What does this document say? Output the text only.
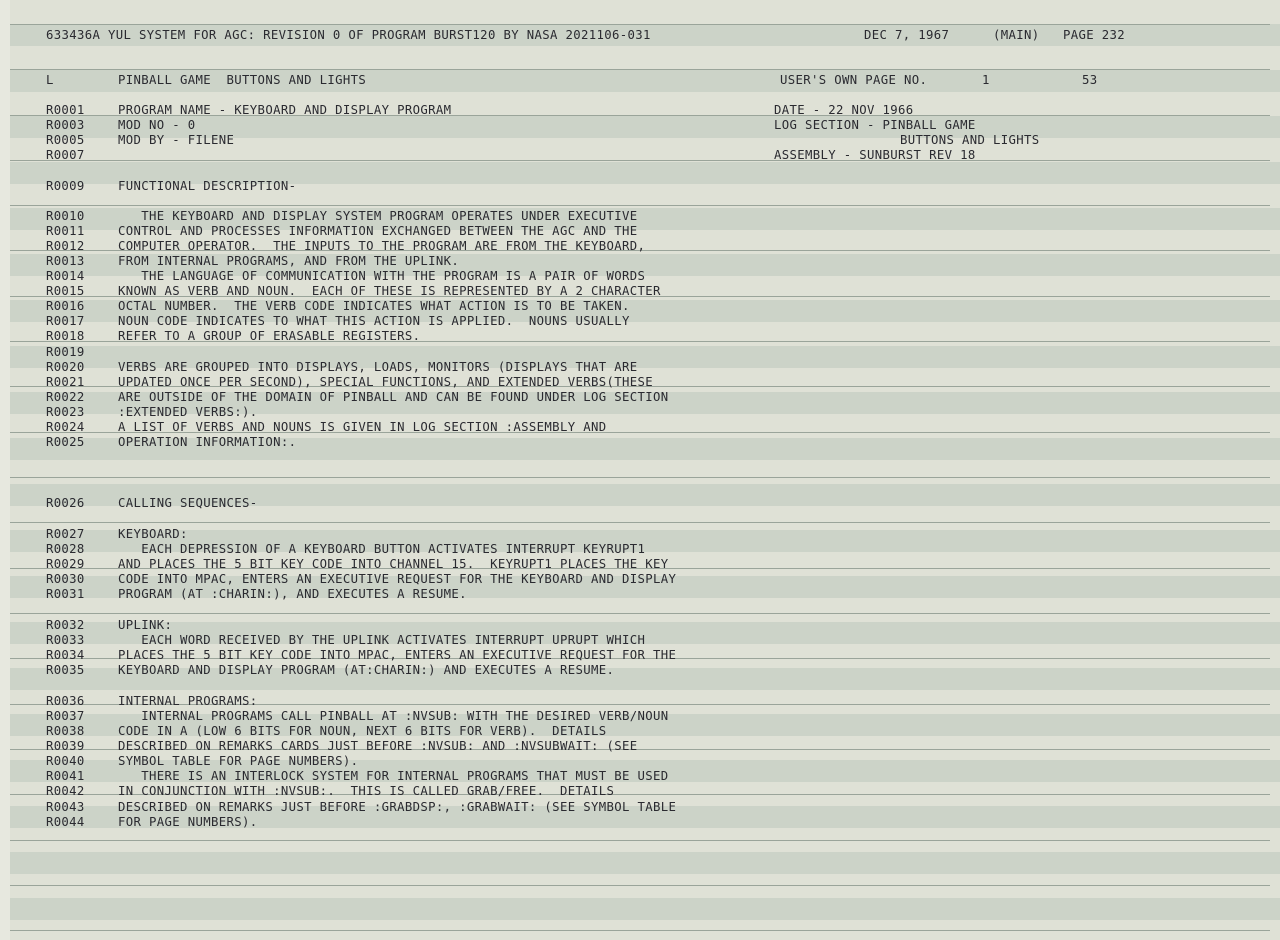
633436A YUL SYSTEM FOR AGC: REVISION 0 OF PROGRAM BURST120 BY NASA 2021106-031	DEC 7, 1967	(MAIN) PAGE 232
L	PINBALL GAME  BUTTONS AND LIGHTS	USER'S OWN PAGE NO.	1	53
DATE - 22 NOV 1966
LOG SECTION - PINBALL GAME
BUTTONS AND LIGHTS
ASSEMBLY - SUNBURST REV 18
R0001	PROGRAM NAME - KEYBOARD AND DISPLAY PROGRAM
R0003	MOD NO - 0
R0005	MOD BY - FILENE
R0007
R0009	FUNCTIONAL DESCRIPTION-
R0010	THE KEYBOARD AND DISPLAY SYSTEM PROGRAM OPERATES UNDER EXECUTIVE
R0011	CONTROL AND PROCESSES INFORMATION EXCHANGED BETWEEN THE AGC AND THE
R0012	COMPUTER OPERATOR.  THE INPUTS TO THE PROGRAM ARE FROM THE KEYBOARD,
R0013	FROM INTERNAL PROGRAMS, AND FROM THE UPLINK.
R0014	THE LANGUAGE OF COMMUNICATION WITH THE PROGRAM IS A PAIR OF WORDS
R0015	KNOWN AS VERB AND NOUN.  EACH OF THESE IS REPRESENTED BY A 2 CHARACTER
R0016	OCTAL NUMBER.  THE VERB CODE INDICATES WHAT ACTION IS TO BE TAKEN.
R0017	NOUN CODE INDICATES TO WHAT THIS ACTION IS APPLIED.  NOUNS USUALLY
R0018	REFER TO A GROUP OF ERASABLE REGISTERS.
R0019
R0020	VERBS ARE GROUPED INTO DISPLAYS, LOADS, MONITORS (DISPLAYS THAT ARE
R0021	UPDATED ONCE PER SECOND), SPECIAL FUNCTIONS, AND EXTENDED VERBS(THESE
R0022	ARE OUTSIDE OF THE DOMAIN OF PINBALL AND CAN BE FOUND UNDER LOG SECTION
R0023	:EXTENDED VERBS:).
R0024	A LIST OF VERBS AND NOUNS IS GIVEN IN LOG SECTION :ASSEMBLY AND
R0025	OPERATION INFORMATION:.
R0026	CALLING SEQUENCES-
R0027	KEYBOARD:
R0028	EACH DEPRESSION OF A KEYBOARD BUTTON ACTIVATES INTERRUPT KEYRUPT1
R0029	AND PLACES THE 5 BIT KEY CODE INTO CHANNEL 15.  KEYRUPT1 PLACES THE KEY
R0030	CODE INTO MPAC, ENTERS AN EXECUTIVE REQUEST FOR THE KEYBOARD AND DISPLAY
R0031	PROGRAM (AT :CHARIN:), AND EXECUTES A RESUME.
R0032	UPLINK:
R0033	EACH WORD RECEIVED BY THE UPLINK ACTIVATES INTERRUPT UPRUPT WHICH
R0034	PLACES THE 5 BIT KEY CODE INTO MPAC, ENTERS AN EXECUTIVE REQUEST FOR THE
R0035	KEYBOARD AND DISPLAY PROGRAM (AT:CHARIN:) AND EXECUTES A RESUME.
R0036	INTERNAL PROGRAMS:
R0037	INTERNAL PROGRAMS CALL PINBALL AT :NVSUB: WITH THE DESIRED VERB/NOUN
R0038	CODE IN A (LOW 6 BITS FOR NOUN, NEXT 6 BITS FOR VERB).  DETAILS
R0039	DESCRIBED ON REMARKS CARDS JUST BEFORE :NVSUB: AND :NVSUBWAIT: (SEE
R0040	SYMBOL TABLE FOR PAGE NUMBERS).
R0041	THERE IS AN INTERLOCK SYSTEM FOR INTERNAL PROGRAMS THAT MUST BE USED
R0042	IN CONJUNCTION WITH :NVSUB:.  THIS IS CALLED GRAB/FREE.  DETAILS
R0043	DESCRIBED ON REMARKS JUST BEFORE :GRABDSP:, :GRABWAIT: (SEE SYMBOL TABLE
R0044	FOR PAGE NUMBERS).
